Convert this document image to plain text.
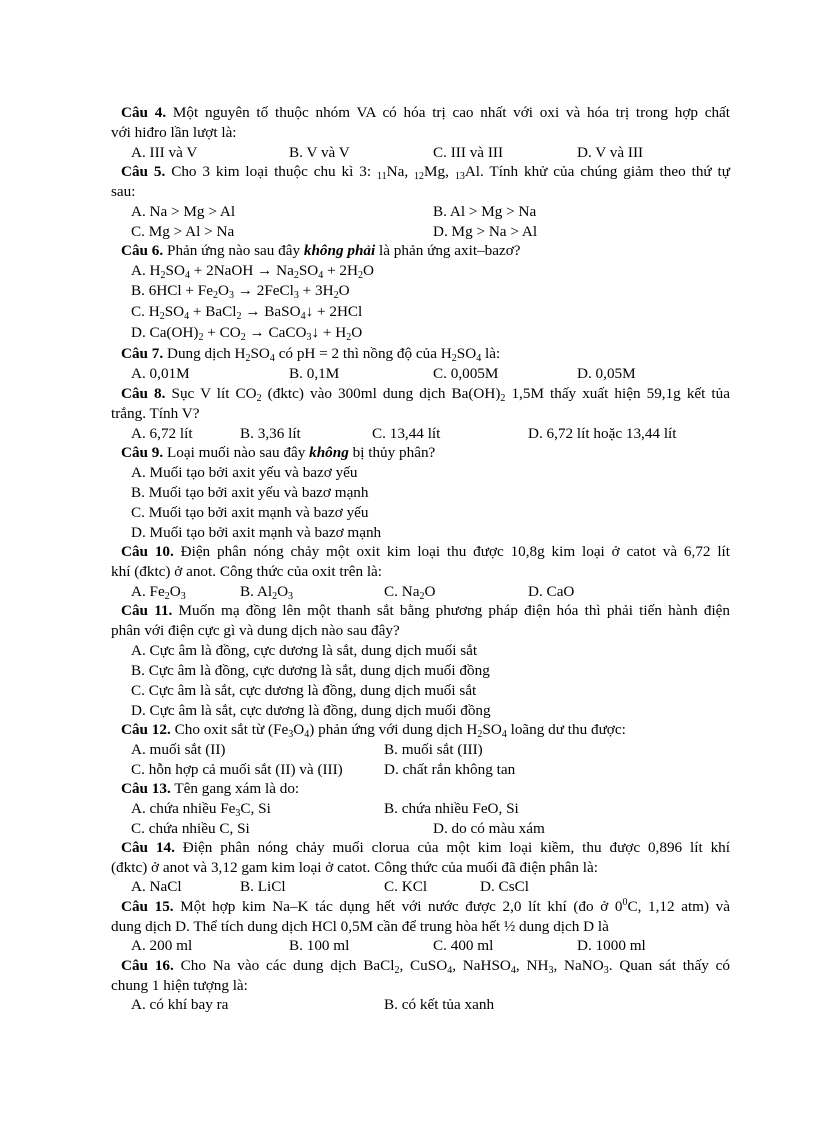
Câu 4. Một nguyên tố thuộc nhóm VA có hóa trị cao nhất với oxi và hóa trị trong hợp chất
với hiđro lần lượt là:
A. III và V	B. V và V	C. III và III	D. V và III
Câu 5. Cho 3 kim loại thuộc chu kì 3: 11Na, 12Mg, 13Al. Tính khử của chúng giảm theo thứ tự
sau:
A. Na > Mg > Al	B. Al > Mg > Na
C. Mg > Al > Na	D. Mg > Na > Al
Câu 6. Phản ứng nào sau đây không phải là phản ứng axit–bazơ?
A. $H_2SO_4$ + 2NaOH → $Na_2SO_4 + 2H_2O$
B. $6HCl + Fe_2O_3$ → 2FeCl$_3$ + $3H_2O$
C. $H_2SO_4$ + BaCl$_2$ → BaSO$_4$↓ + 2HCl
D. $Ca(OH)_2 + CO_2$ → CaCO$_3$↓ + $H_2O$
Câu 7. Dung dịch $H_2SO_4$ có pH = 2 thì nồng độ của $H_2SO_4$ là:
A. 0,01M	B. 0,1M	C. 0,005M	D. 0,05M
Câu 8. Sục V lít $CO_2$ (đktc) vào 300ml dung dịch $Ba(OH)_2$ 1,5M thấy xuất hiện 59,1g kết tủa
trắng. Tính V?
A. 6,72 lít	B. 3,36 lít	C. 13,44 lít	D. 6,72 lít hoặc 13,44 lít
Câu 9. Loại muối nào sau đây không bị thủy phân?
A. Muối tạo bởi axit yếu và bazơ yếu
B. Muối tạo bởi axit yếu và bazơ mạnh
C. Muối tạo bởi axit mạnh và bazơ yếu
D. Muối tạo bởi axit mạnh và bazơ mạnh
Câu 10. Điện phân nóng chảy một oxit kim loại thu được 10,8g kim loại ở catot và 6,72 lít
khí (đktc) ở anot. Công thức của oxit trên là:
A. $Fe_2O_3$	B. $Al_2O_3$	C. $Na_2O$	D. CaO
Câu 11. Muốn mạ đồng lên một thanh sắt bằng phương pháp điện hóa thì phải tiến hành điện
phân với điện cực gì và dung dịch nào sau đây?
A. Cực âm là đồng, cực dương là sắt, dung dịch muối sắt
B. Cực âm là đồng, cực dương là sắt, dung dịch muối đồng
C. Cực âm là sắt, cực dương là đồng, dung dịch muối sắt
D. Cực âm là sắt, cực dương là đồng, dung dịch muối đồng
Câu 12. Cho oxit sắt từ $(Fe_3O_4)$ phản ứng với dung dịch $H_2SO_4$ loãng dư thu được:
A. muối sắt (II)	B. muối sắt (III)
C. hỗn hợp cả muối sắt (II) và (III)	D. chất rắn không tan
Câu 13. Tên gang xám là do:
A. chứa nhiều $Fe_3C$, Si	B. chứa nhiều FeO, Si
C. chứa nhiều C, Si	D. do có màu xám
Câu 14. Điện phân nóng chảy muối clorua của một kim loại kiềm, thu được 0,896 lít khí
(đktc) ở anot và 3,12 gam kim loại ở catot. Công thức của muối đã điện phân là:
A. NaCl	B. LiCl	C. KCl	D. CsCl
Câu 15. Một hợp kim Na–K tác dụng hết với nước được 2,0 lít khí (đo ở $0^0C$, 1,12 atm) và
dung dịch D. Thể tích dung dịch HCl 0,5M cần để trung hòa hết ½ dung dịch D là
A. 200 ml	B. 100 ml	C. 400 ml	D. 1000 ml
Câu 16. Cho Na vào các dung dịch BaCl$_2$, CuSO$_4$, NaHSO$_4$, $NH_3$, NaNO$_3$. Quan sát thấy có
chung 1 hiện tượng là:
A. có khí bay ra	B. có kết tủa xanh
